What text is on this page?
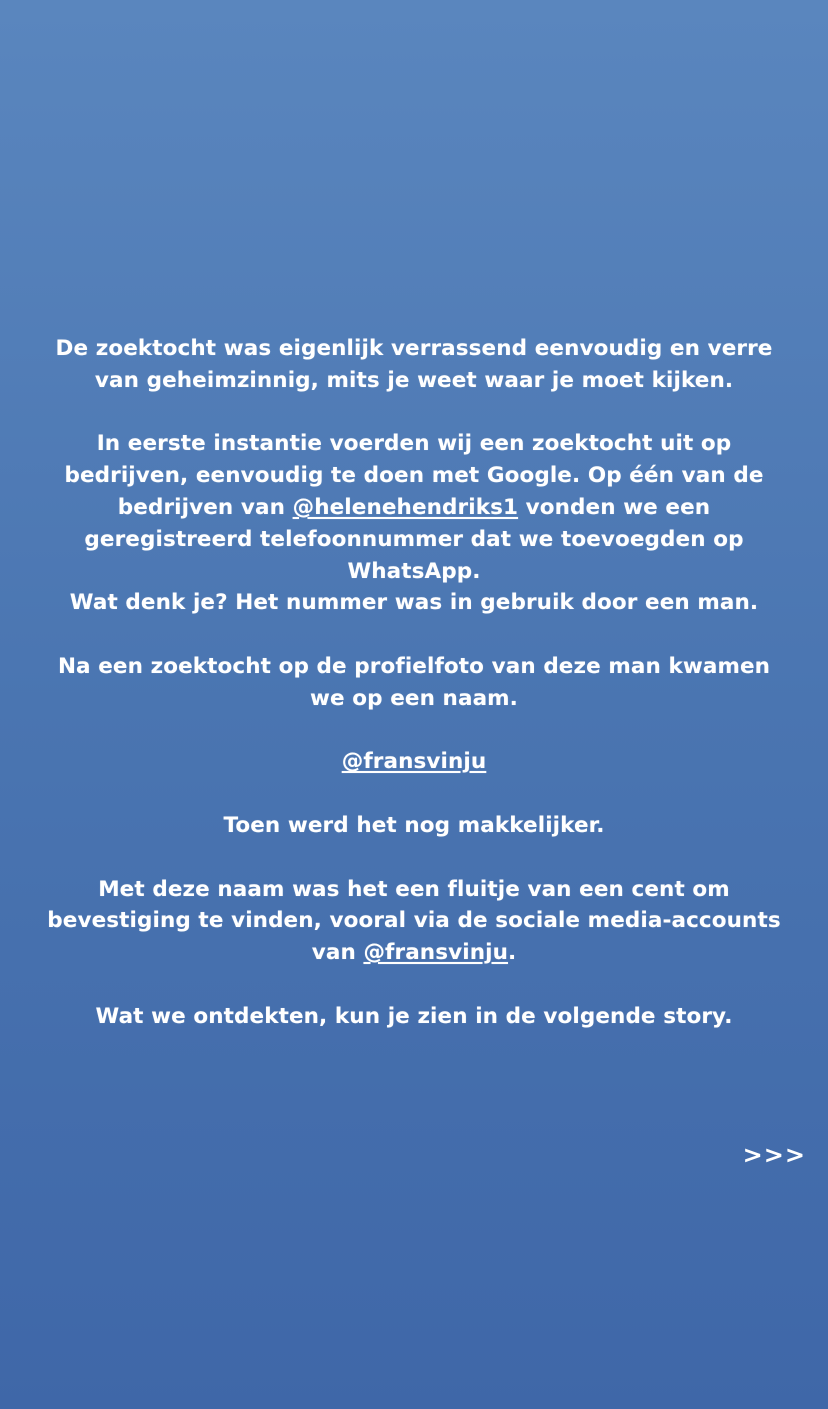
De zoektocht was eigenlijk verrassend eenvoudig en verre van geheimzinnig, mits je weet waar je moet kijken.

In eerste instantie voerden wij een zoektocht uit op bedrijven, eenvoudig te doen met Google. Op één van de bedrijven van @helenehendriks1 vonden we een geregistreerd telefoonnummer dat we toevoegden op WhatsApp.
Wat denk je? Het nummer was in gebruik door een man.

Na een zoektocht op de profielfoto van deze man kwamen we op een naam.

@fransvinju

Toen werd het nog makkelijker.

Met deze naam was het een fluitje van een cent om bevestiging te vinden, vooral via de sociale media-accounts van @fransvinju.

Wat we ontdekten, kun je zien in de volgende story.

>>>
